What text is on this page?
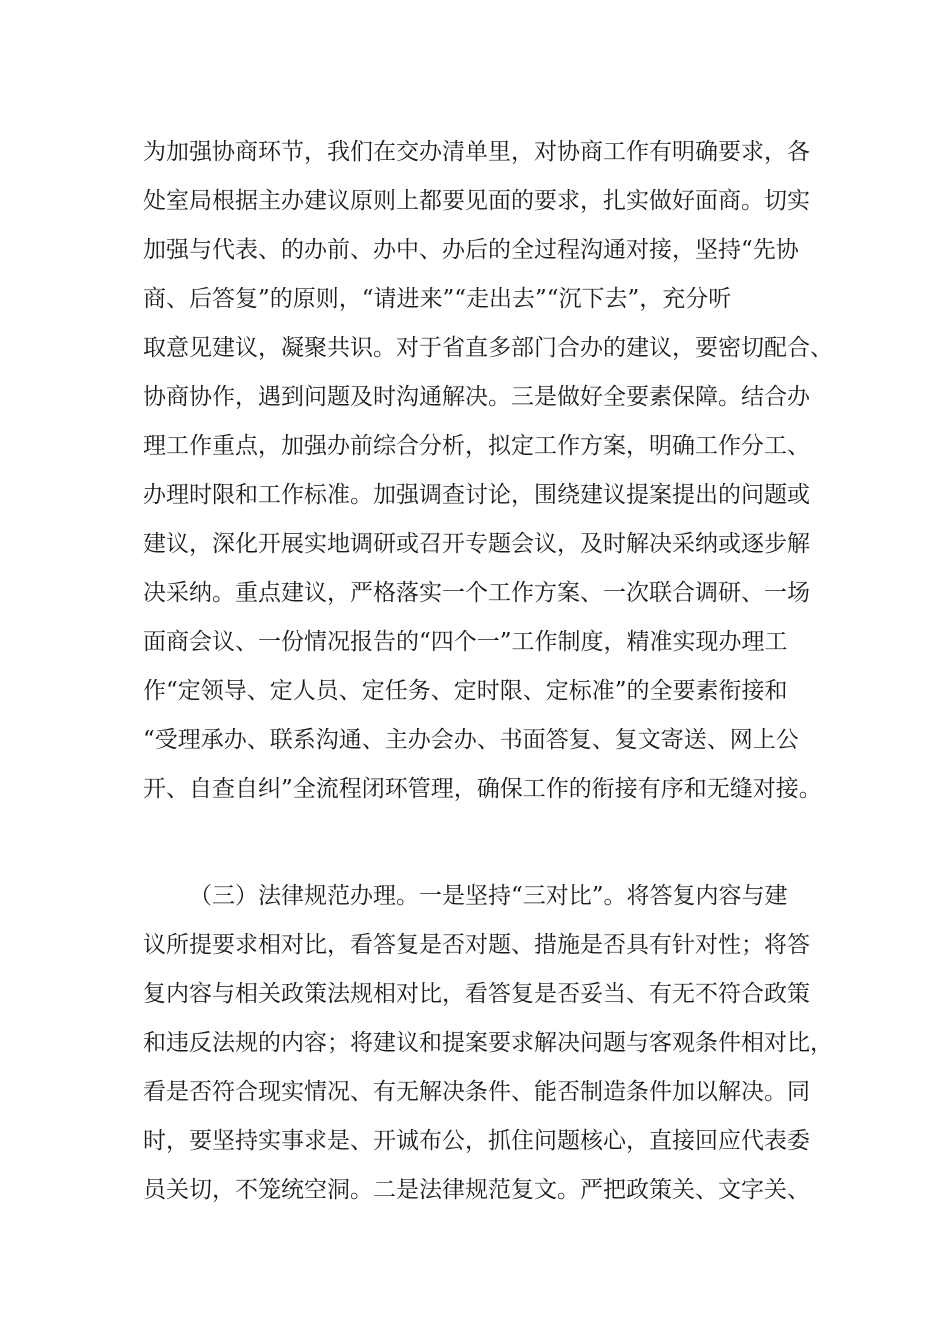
为加强协商环节，我们在交办清单里，对协商工作有明确要求，各
处室局根据主办建议原则上都要见面的要求，扎实做好面商。切实
加强与代表、的办前、办中、办后的全过程沟通对接，坚持“先协
商、后答复”的原则，“请进来”“走出去”“沉下去”，充分听
取意见建议，凝聚共识。对于省直多部门合办的建议，要密切配合、
协商协作，遇到问题及时沟通解决。三是做好全要素保障。结合办
理工作重点，加强办前综合分析，拟定工作方案，明确工作分工、
办理时限和工作标准。加强调查讨论，围绕建议提案提出的问题或
建议，深化开展实地调研或召开专题会议，及时解决采纳或逐步解
决采纳。重点建议，严格落实一个工作方案、一次联合调研、一场
面商会议、一份情况报告的“四个一”工作制度，精准实现办理工
作“定领导、定人员、定任务、定时限、定标准”的全要素衔接和
“受理承办、联系沟通、主办会办、书面答复、复文寄送、网上公
开、自查自纠”全流程闭环管理，确保工作的衔接有序和无缝对接。
（三）法律规范办理。一是坚持“三对比”。将答复内容与建
议所提要求相对比，看答复是否对题、措施是否具有针对性；将答
复内容与相关政策法规相对比，看答复是否妥当、有无不符合政策
和违反法规的内容；将建议和提案要求解决问题与客观条件相对比，
看是否符合现实情况、有无解决条件、能否制造条件加以解决。同
时，要坚持实事求是、开诚布公，抓住问题核心，直接回应代表委
员关切，不笼统空洞。二是法律规范复文。严把政策关、文字关、
